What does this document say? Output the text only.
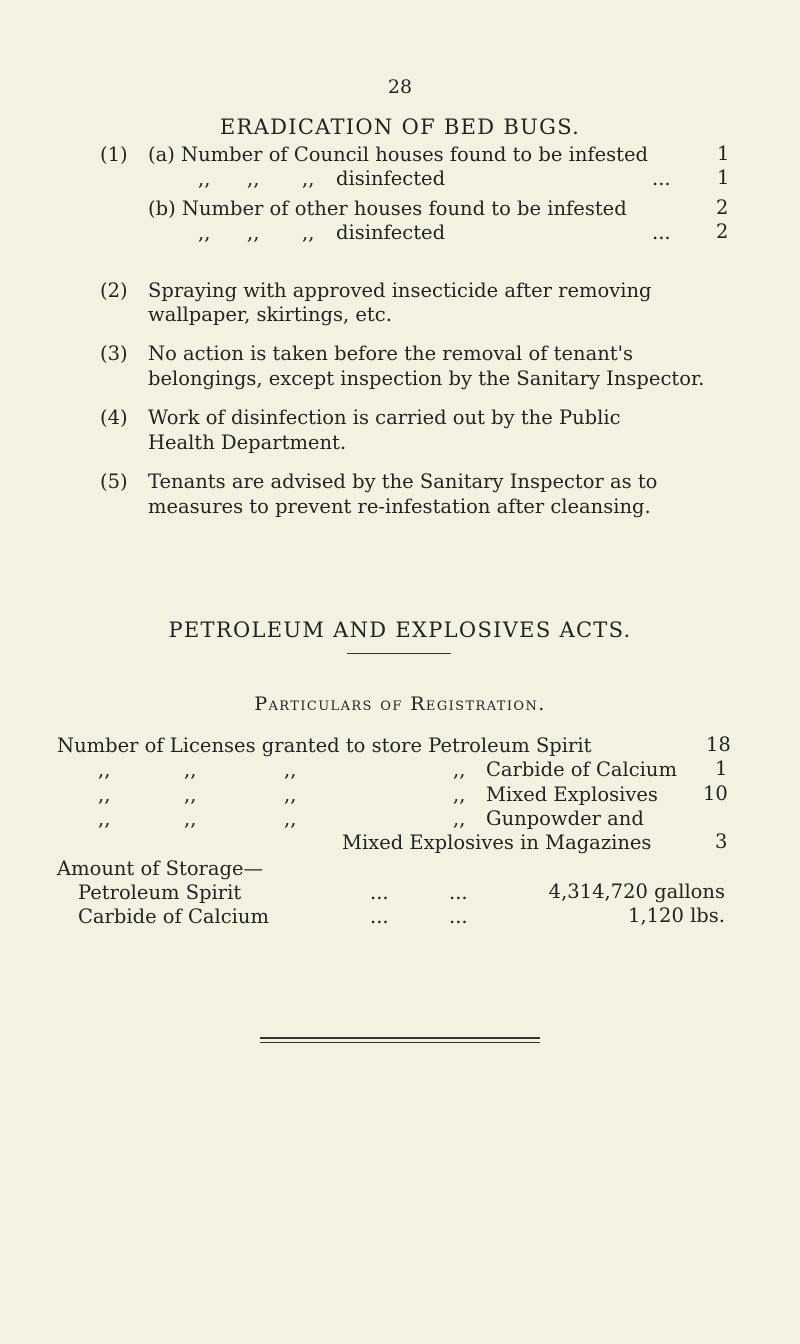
28
ERADICATION OF BED BUGS.
(1) (a) Number of Council houses found to be infested	1
,, ,, ,, disinfected	... 1
(b) Number of other houses found to be infested	2
,, ,, ,, disinfected	... 2
(2) Spraying with approved insecticide after removing
wallpaper, skirtings, etc.
(3) No action is taken before the removal of tenant's
belongings, except inspection by the Sanitary Inspector.
(4) Work of disinfection is carried out by the Public
Health Department.
(5) Tenants are advised by the Sanitary Inspector as to
measures to prevent re-infestation after cleansing.
PETROLEUM AND EXPLOSIVES ACTS.
Particulars of Registration.
Number of Licenses granted to store Petroleum Spirit	18
,,	,,	,,	,, Carbide of Calcium 1
,,	,,	,,	,, Mixed Explosives 10
,,	,,	,,	,, Gunpowder and
Mixed Explosives in Magazines	3
Amount of Storage—
Petroleum Spirit	...	...	4,314,720 gallons
Carbide of Calcium	...	...	1,120 lbs.
